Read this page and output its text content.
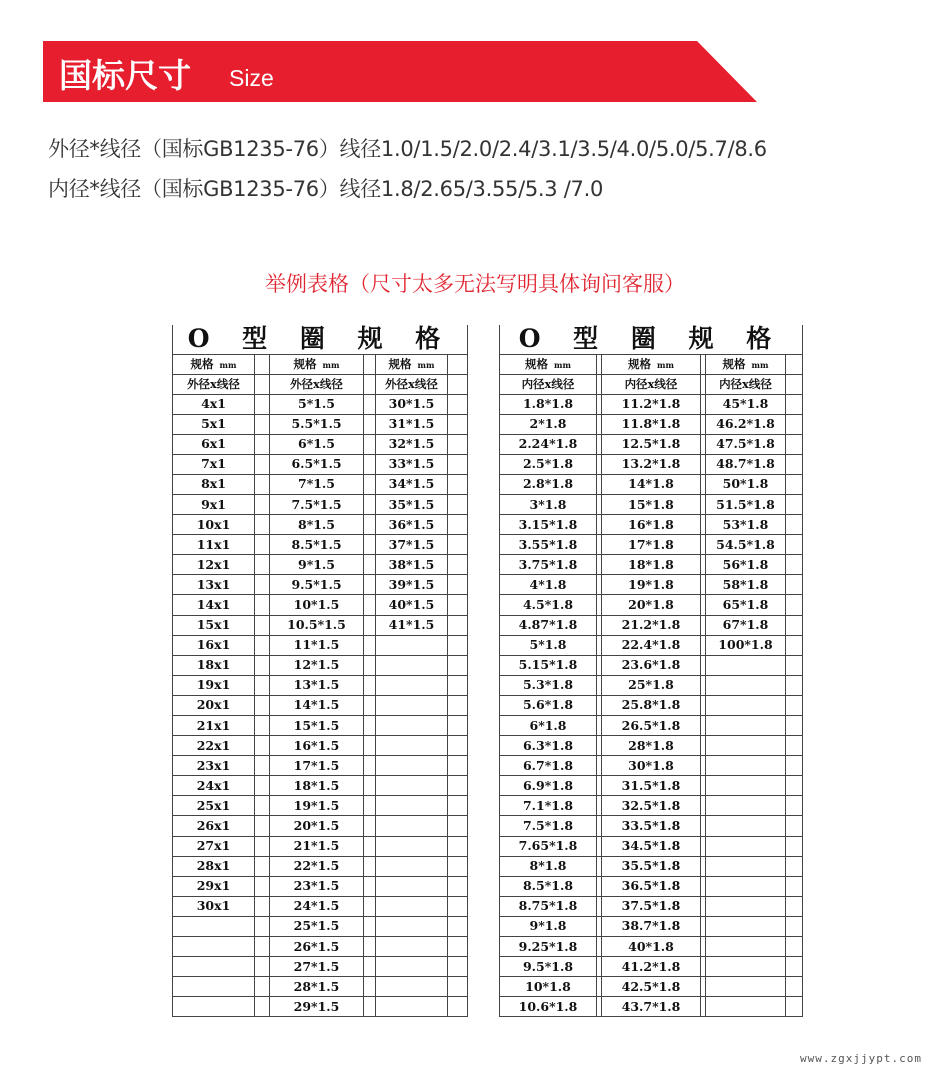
国标尺寸 Size
外径*线径（国标GB1235-76）线径1.0/1.5/2.0/2.4/3.1/3.5/4.0/5.0/5.7/8.6
内径*线径（国标GB1235-76）线径1.8/2.65/3.55/5.3 /7.0
举例表格（尺寸太多无法写明具体询问客服）
O 型 圈 规 格					
规格 mm		规格 mm		规格 mm	
外径x线径		外径x线径		外径x线径	
4x1		5*1.5		30*1.5	
5x1		5.5*1.5		31*1.5	
6x1		6*1.5		32*1.5	
7x1		6.5*1.5		33*1.5	
8x1		7*1.5		34*1.5	
9x1		7.5*1.5		35*1.5	
10x1		8*1.5		36*1.5	
11x1		8.5*1.5		37*1.5	
12x1		9*1.5		38*1.5	
13x1		9.5*1.5		39*1.5	
14x1		10*1.5		40*1.5	
15x1		10.5*1.5		41*1.5	
16x1		11*1.5			
18x1		12*1.5			
19x1		13*1.5			
20x1		14*1.5			
21x1		15*1.5			
22x1		16*1.5			
23x1		17*1.5			
24x1		18*1.5			
25x1		19*1.5			
26x1		20*1.5			
27x1		21*1.5			
28x1		22*1.5			
29x1		23*1.5			
30x1		24*1.5			
		25*1.5			
		26*1.5			
		27*1.5			
		28*1.5			
		29*1.5			
O 型 圈 规 格					
规格 mm		规格 mm		规格 mm	
内径x线径		内径x线径		内径x线径	
1.8*1.8		11.2*1.8		45*1.8	
2*1.8		11.8*1.8		46.2*1.8	
2.24*1.8		12.5*1.8		47.5*1.8	
2.5*1.8		13.2*1.8		48.7*1.8	
2.8*1.8		14*1.8		50*1.8	
3*1.8		15*1.8		51.5*1.8	
3.15*1.8		16*1.8		53*1.8	
3.55*1.8		17*1.8		54.5*1.8	
3.75*1.8		18*1.8		56*1.8	
4*1.8		19*1.8		58*1.8	
4.5*1.8		20*1.8		65*1.8	
4.87*1.8		21.2*1.8		67*1.8	
5*1.8		22.4*1.8		100*1.8	
5.15*1.8		23.6*1.8			
5.3*1.8		25*1.8			
5.6*1.8		25.8*1.8			
6*1.8		26.5*1.8			
6.3*1.8		28*1.8			
6.7*1.8		30*1.8			
6.9*1.8		31.5*1.8			
7.1*1.8		32.5*1.8			
7.5*1.8		33.5*1.8			
7.65*1.8		34.5*1.8			
8*1.8		35.5*1.8			
8.5*1.8		36.5*1.8			
8.75*1.8		37.5*1.8			
9*1.8		38.7*1.8			
9.25*1.8		40*1.8			
9.5*1.8		41.2*1.8			
10*1.8		42.5*1.8			
10.6*1.8		43.7*1.8			
www.zgxjjypt.com
